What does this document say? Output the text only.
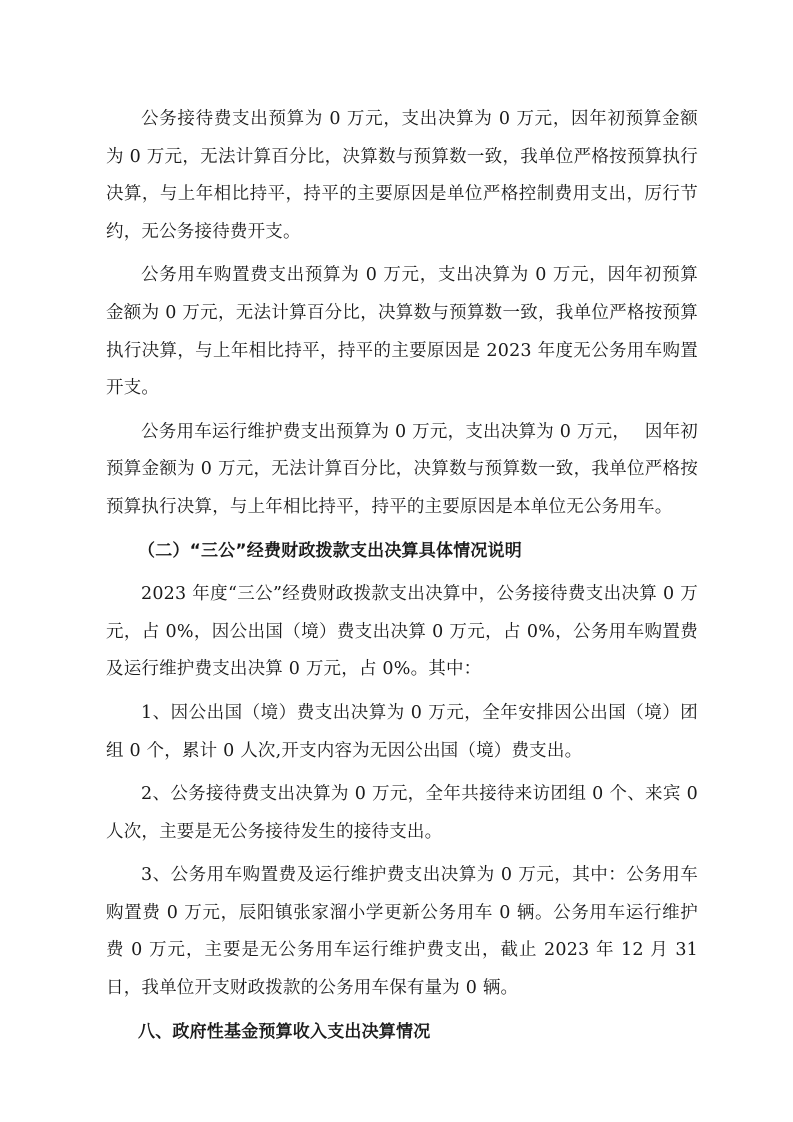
公务接待费支出预算为 0 万元，支出决算为 0 万元，因年初预算金额为 0 万元，无法计算百分比，决算数与预算数一致，我单位严格按预算执行决算，与上年相比持平，持平的主要原因是单位严格控制费用支出，厉行节约，无公务接待费开支。

公务用车购置费支出预算为 0 万元，支出决算为 0 万元，因年初预算金额为 0 万元，无法计算百分比，决算数与预算数一致，我单位严格按预算执行决算，与上年相比持平，持平的主要原因是 2023 年度无公务用车购置开支。

公务用车运行维护费支出预算为 0 万元，支出决算为 0 万元，　 因年初预算金额为 0 万元，无法计算百分比，决算数与预算数一致，我单位严格按预算执行决算，与上年相比持平，持平的主要原因是本单位无公务用车。

（二）“三公”经费财政拨款支出决算具体情况说明

2023 年度“三公”经费财政拨款支出决算中，公务接待费支出决算 0 万元，占 0%，因公出国（境）费支出决算 0 万元，占 0%，公务用车购置费及运行维护费支出决算 0 万元，占 0%。其中：

1、因公出国（境）费支出决算为 0 万元，全年安排因公出国（境）团组 0 个，累计 0 人次,开支内容为无因公出国（境）费支出。

2、公务接待费支出决算为 0 万元，全年共接待来访团组 0 个、来宾 0 人次，主要是无公务接待发生的接待支出。

3、公务用车购置费及运行维护费支出决算为 0 万元，其中：公务用车购置费 0 万元，辰阳镇张家溜小学更新公务用车 0 辆。公务用车运行维护费 0 万元，主要是无公务用车运行维护费支出，截止 2023 年 12 月 31 日，我单位开支财政拨款的公务用车保有量为 0 辆。

八、政府性基金预算收入支出决算情况
